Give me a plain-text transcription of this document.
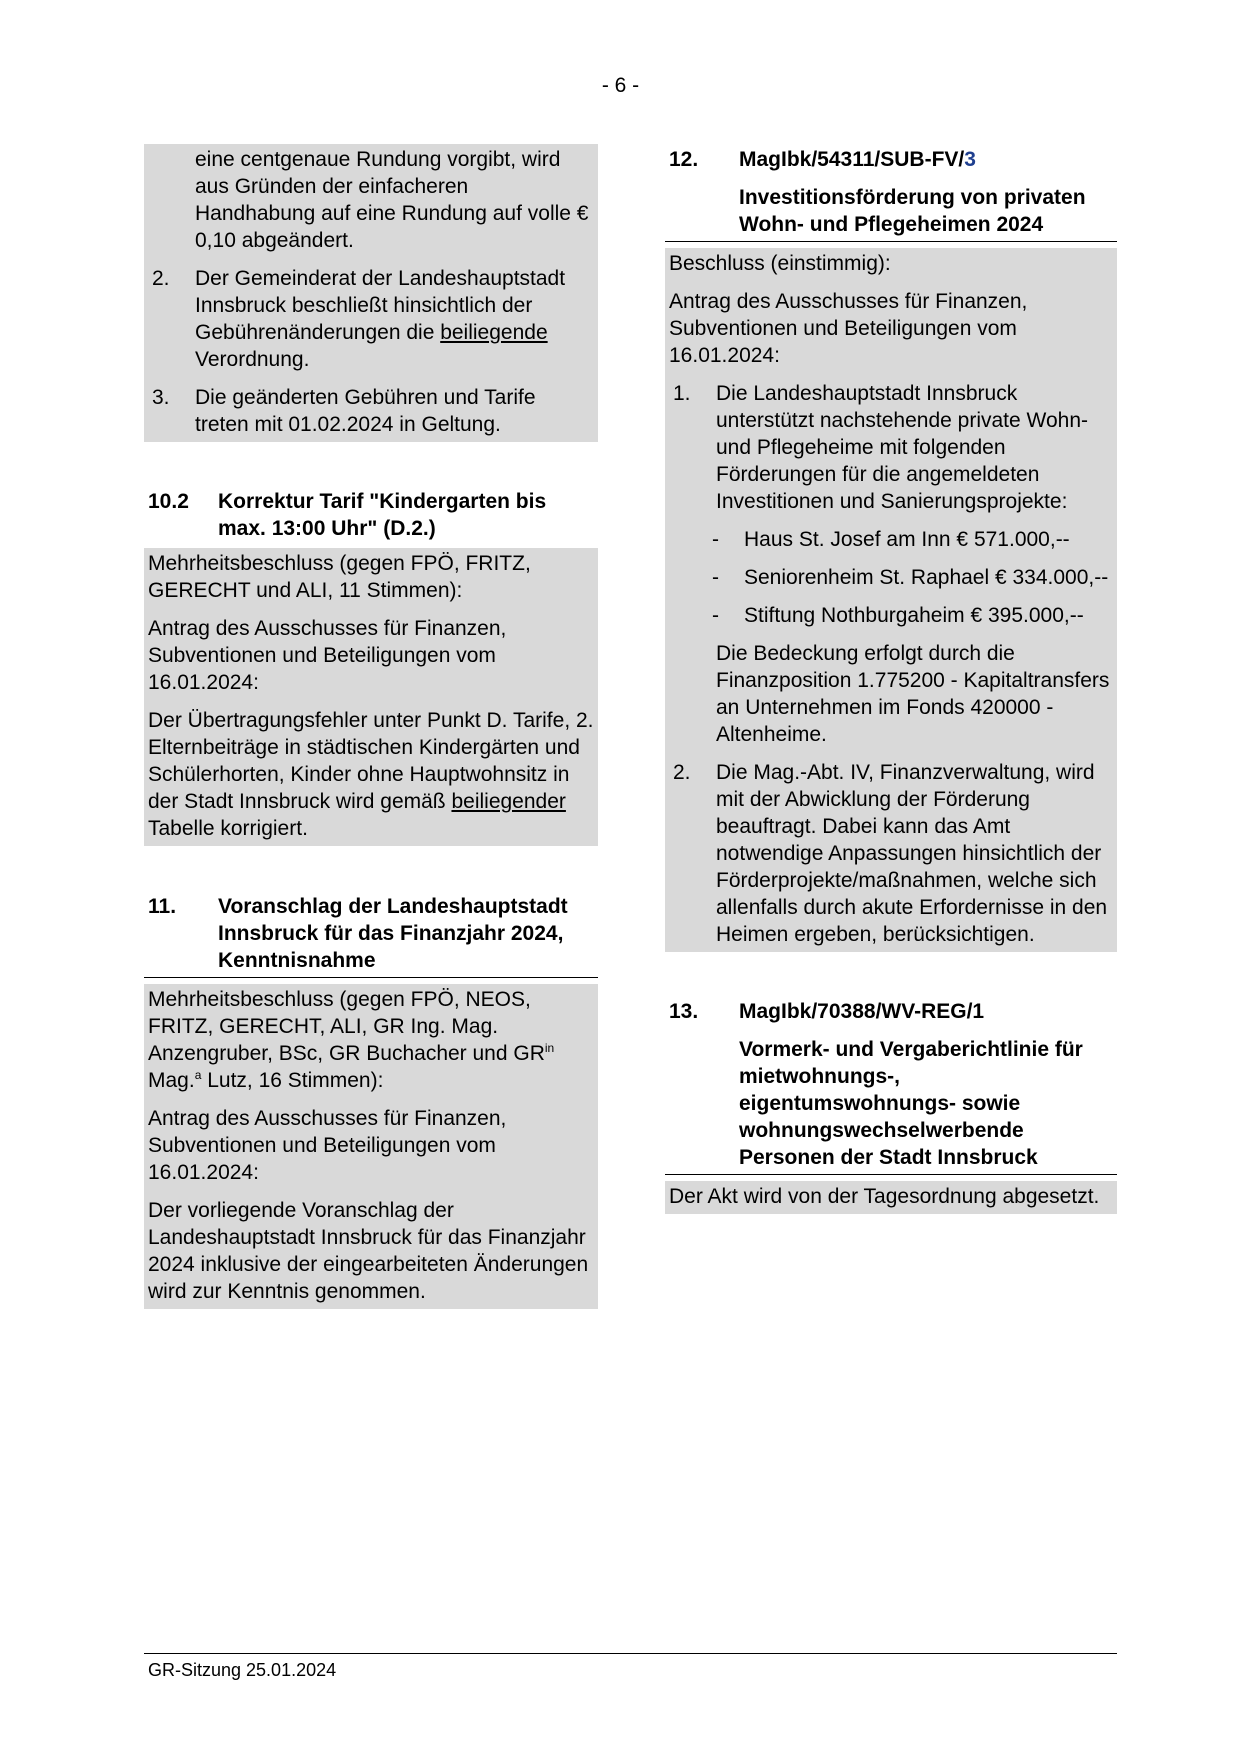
- 6 -
eine centgenaue Rundung vorgibt, wird aus Gründen der einfacheren Handhabung auf eine Rundung auf volle € 0,10 abgeändert.
2. Der Gemeinderat der Landeshauptstadt Innsbruck beschließt hinsichtlich der Gebührenänderungen die beiliegende Verordnung.
3. Die geänderten Gebühren und Tarife treten mit 01.02.2024 in Geltung.
10.2 Korrektur Tarif "Kindergarten bis max. 13:00 Uhr" (D.2.)
Mehrheitsbeschluss (gegen FPÖ, FRITZ, GERECHT und ALI, 11 Stimmen):
Antrag des Ausschusses für Finanzen, Subventionen und Beteiligungen vom 16.01.2024:
Der Übertragungsfehler unter Punkt D. Tarife, 2. Elternbeiträge in städtischen Kindergärten und Schülerhorten, Kinder ohne Hauptwohnsitz in der Stadt Innsbruck wird gemäß beiliegender Tabelle korrigiert.
11. Voranschlag der Landeshauptstadt Innsbruck für das Finanzjahr 2024, Kenntnisnahme
Mehrheitsbeschluss (gegen FPÖ, NEOS, FRITZ, GERECHT, ALI, GR Ing. Mag. Anzengruber, BSc, GR Buchacher und $GR^{in}$ Mag.$^a$ Lutz, 16 Stimmen):
Antrag des Ausschusses für Finanzen, Subventionen und Beteiligungen vom 16.01.2024:
Der vorliegende Voranschlag der Landeshauptstadt Innsbruck für das Finanzjahr 2024 inklusive der eingearbeiteten Änderungen wird zur Kenntnis genommen.
12. MagIbk/54311/SUB-FV/3
Investitionsförderung von privaten Wohn- und Pflegeheimen 2024
Beschluss (einstimmig):
Antrag des Ausschusses für Finanzen, Subventionen und Beteiligungen vom 16.01.2024:
1. Die Landeshauptstadt Innsbruck unterstützt nachstehende private Wohn- und Pflegeheime mit folgenden Förderungen für die angemeldeten Investitionen und Sanierungsprojekte:
- Haus St. Josef am Inn € 571.000,--
- Seniorenheim St. Raphael € 334.000,--
- Stiftung Nothburgaheim € 395.000,--
Die Bedeckung erfolgt durch die Finanzposition 1.775200 - Kapitaltransfers an Unternehmen im Fonds 420000 - Altenheime.
2. Die Mag.-Abt. IV, Finanzverwaltung, wird mit der Abwicklung der Förderung beauftragt. Dabei kann das Amt notwendige Anpassungen hinsichtlich der Förderprojekte/maßnahmen, welche sich allenfalls durch akute Erfordernisse in den Heimen ergeben, berücksichtigen.
13. MagIbk/70388/WV-REG/1
Vormerk- und Vergaberichtlinie für mietwohnungs-, eigentumswohnungs- sowie wohnungswechselwerbende Personen der Stadt Innsbruck
Der Akt wird von der Tagesordnung abgesetzt.
GR-Sitzung 25.01.2024
